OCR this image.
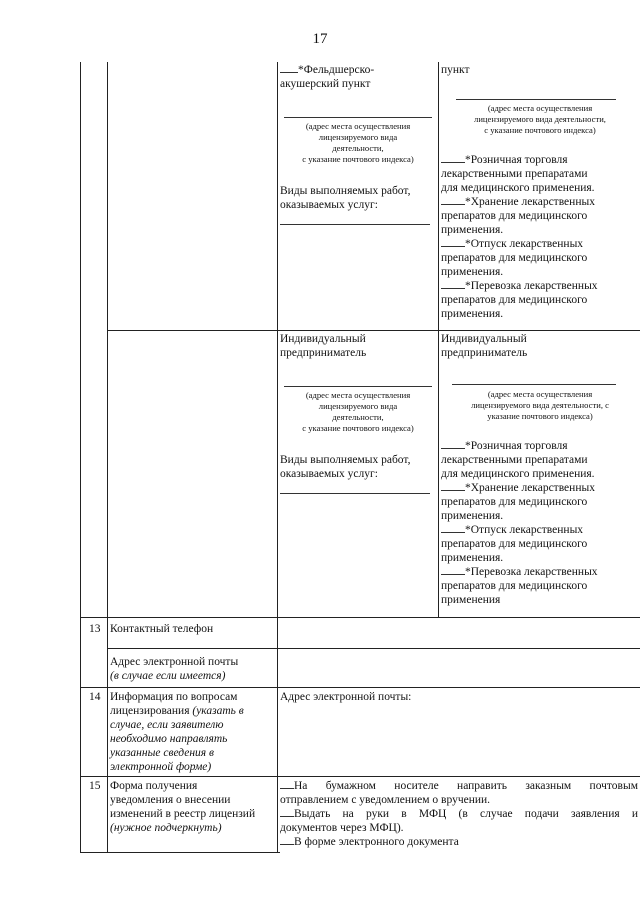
17
*Фельдшерско-
акушерский пункт
(адрес места осуществления
лицензируемого вида
деятельности,
с указание почтового индекса)
Виды выполняемых работ,
оказываемых услуг:
пункт
(адрес места осуществления
лицензируемого вида деятельности,
с указание почтового индекса)
*Розничная торговля
лекарственными препаратами
для медицинского применения.
*Хранение лекарственных
препаратов для медицинского
применения.
*Отпуск лекарственных
препаратов для медицинского
применения.
*Перевозка лекарственных
препаратов для медицинского
применения.
Индивидуальный
предприниматель
(адрес места осуществления
лицензируемого вида
деятельности,
с указание почтового индекса)
Виды выполняемых работ,
оказываемых услуг:
Индивидуальный
предприниматель
(адрес места осуществления
лицензируемого вида деятельности, с
указание почтового индекса)
*Розничная торговля
лекарственными препаратами
для медицинского применения.
*Хранение лекарственных
препаратов для медицинского
применения.
*Отпуск лекарственных
препаратов для медицинского
применения.
*Перевозка лекарственных
препаратов для медицинского
применения
13 Контактный телефон
Адрес электронной почты
(в случае если имеется)
14 Информация по вопросам
лицензирования (указать в
случае, если заявителю
необходимо направлять
указанные сведения в
электронной форме)
Адрес электронной почты:
15 Форма получения
уведомления о внесении
изменений в реестр лицензий
(нужное подчеркнуть)
На бумажном носителе направить заказным почтовым
отправлением с уведомлением о вручении.
Выдать на руки в МФЦ (в случае подачи заявления и
документов через МФЦ).
В форме электронного документа
